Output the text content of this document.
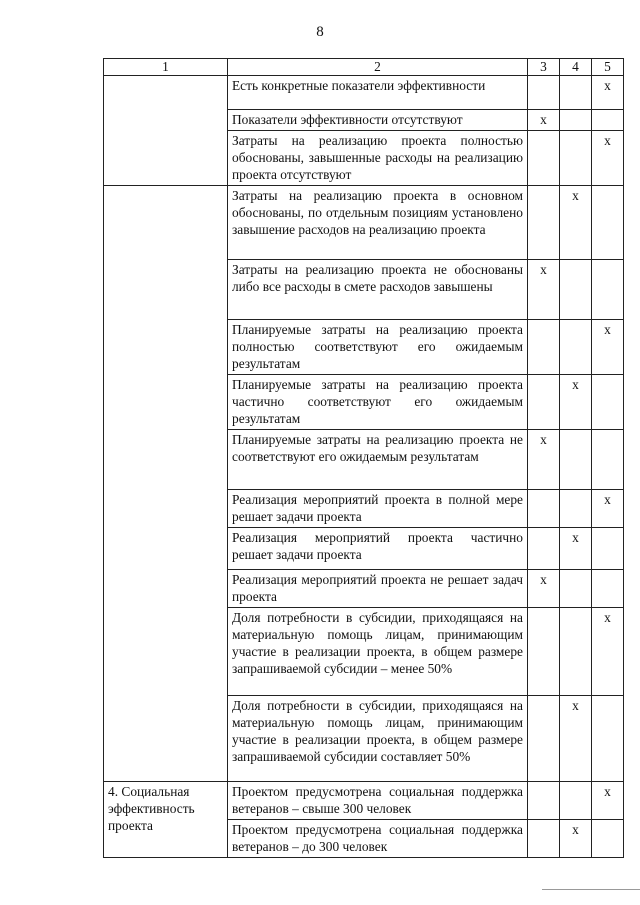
8
1	2	3	4	5
	Есть конкретные показатели эффективности			x
	Показатели эффективности отсутствуют	x		
	Затраты на реализацию проекта полностью обоснованы, завышенные расходы на реализацию проекта отсутствуют			x
	Затраты на реализацию проекта в основном обоснованы, по отдельным позициям установлено завышение расходов на реализацию проекта		x	
	Затраты на реализацию проекта не обоснованы либо все расходы в смете расходов завышены	x		
	Планируемые затраты на реализацию проекта полностью соответствуют его ожидаемым результатам			x
	Планируемые затраты на реализацию проекта частично соответствуют его ожидаемым результатам		x	
	Планируемые затраты на реализацию проекта не соответствуют его ожидаемым результатам	x		
	Реализация мероприятий проекта в полной мере решает задачи проекта			x
	Реализация мероприятий проекта частично решает задачи проекта		x	
	Реализация мероприятий проекта не решает задач проекта	x		
	Доля потребности в субсидии, приходящаяся на материальную помощь лицам, принимающим участие в реализации проекта, в общем размере запрашиваемой субсидии – менее 50%			x
	Доля потребности в субсидии, приходящаяся на материальную помощь лицам, принимающим участие в реализации проекта, в общем размере запрашиваемой субсидии составляет 50%		x	
4. Социальная эффективность проекта	Проектом предусмотрена социальная поддержка ветеранов – свыше 300 человек			x
	Проектом предусмотрена социальная поддержка ветеранов – до 300 человек		x	
